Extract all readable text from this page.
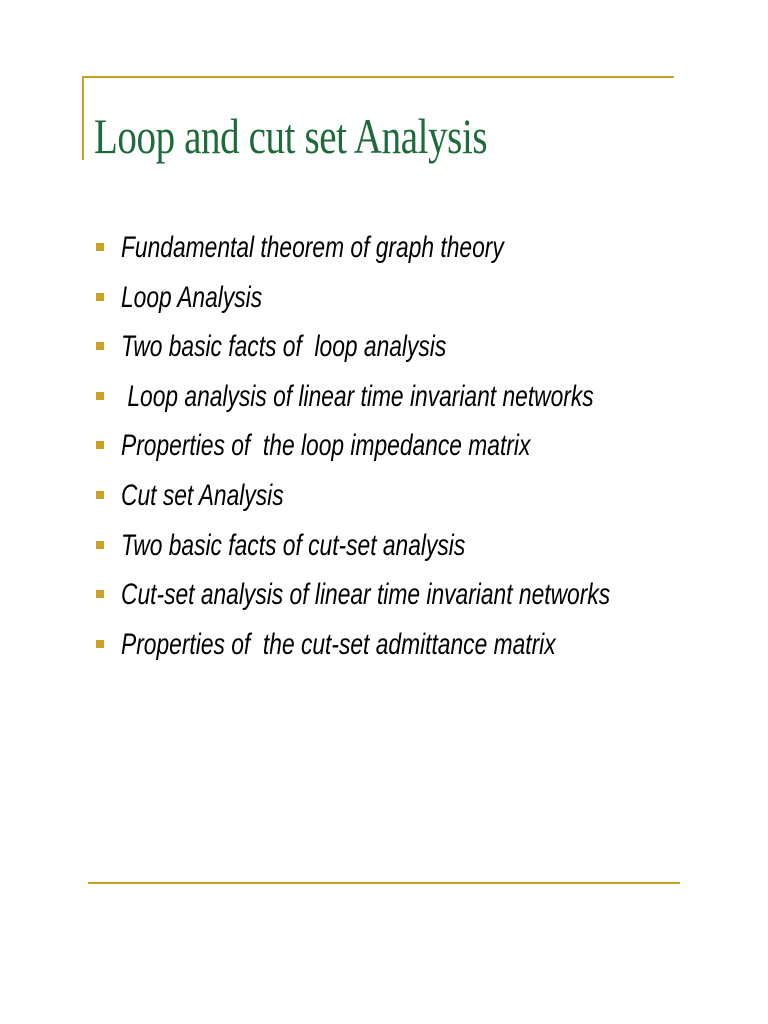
Loop and cut set Analysis
Fundamental theorem of graph theory
Loop Analysis
Two basic facts of  loop analysis
Loop analysis of linear time invariant networks
Properties of  the loop impedance matrix
Cut set Analysis
Two basic facts of cut-set analysis
Cut-set analysis of linear time invariant networks
Properties of  the cut-set admittance matrix
